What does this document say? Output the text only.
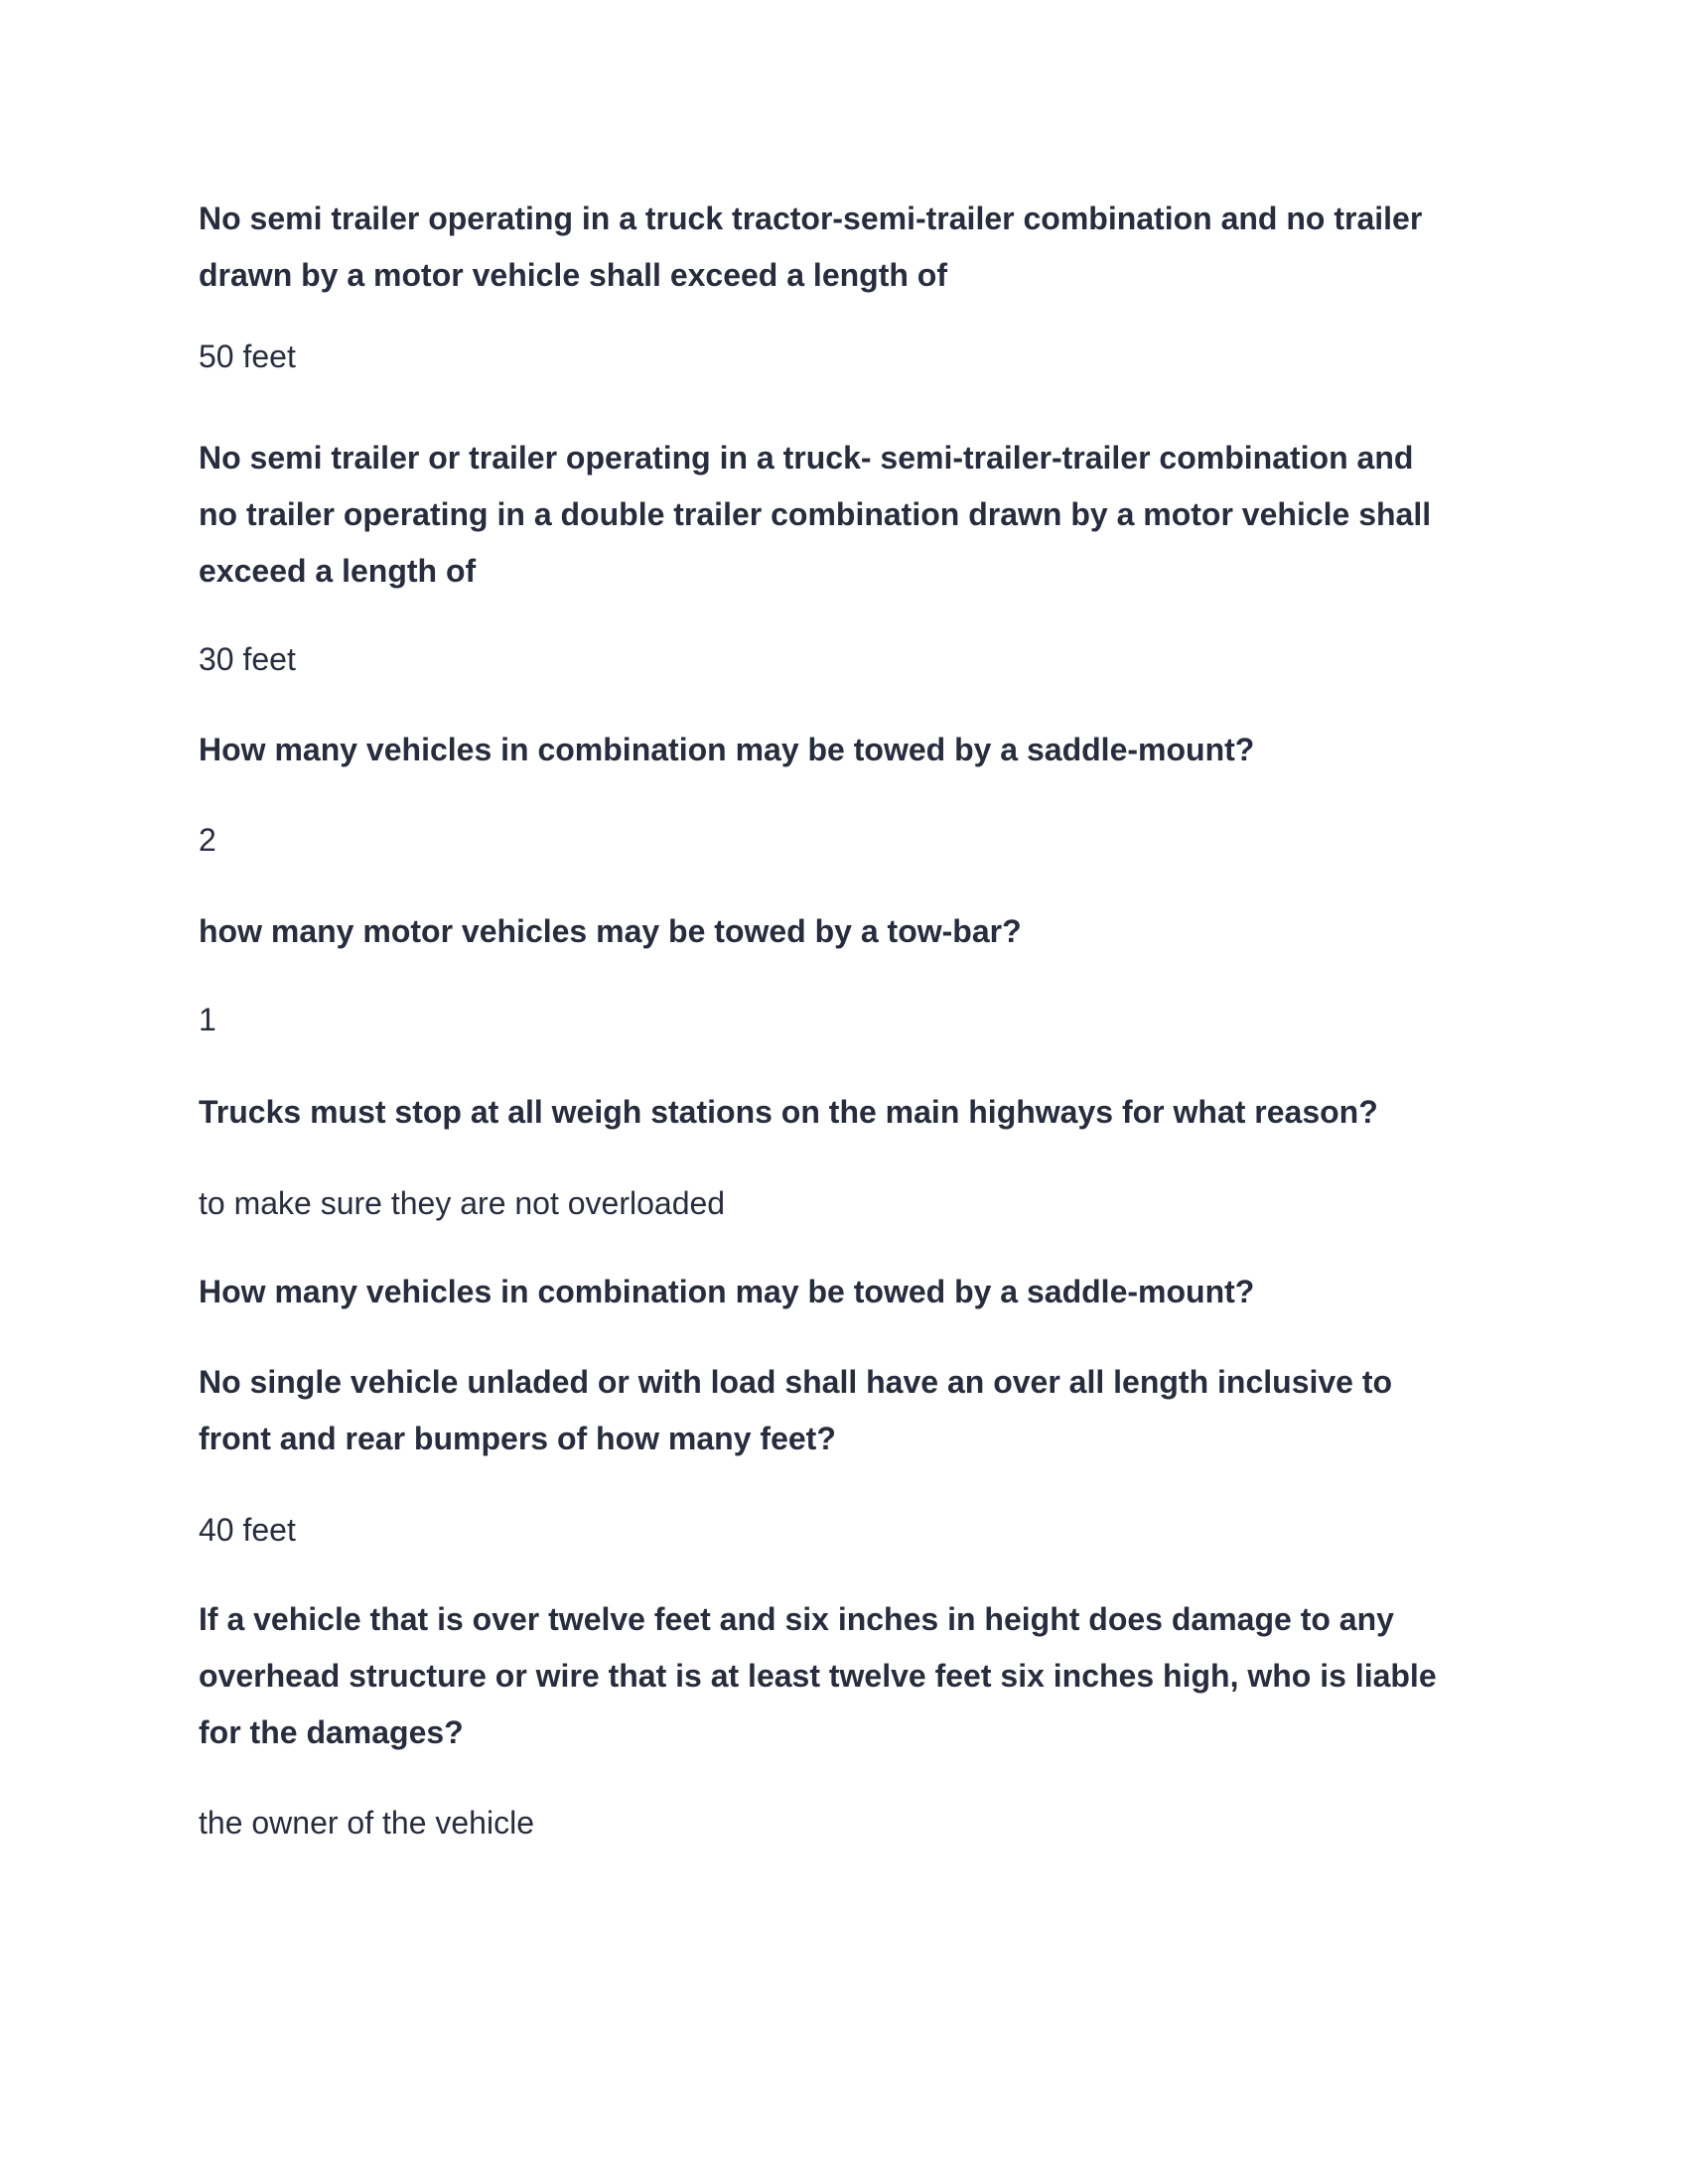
No semi trailer operating in a truck tractor-semi-trailer combination and no trailer
drawn by a motor vehicle shall exceed a length of

50 feet

No semi trailer or trailer operating in a truck- semi-trailer-trailer combination and
no trailer operating in a double trailer combination drawn by a motor vehicle shall
exceed a length of

30 feet

How many vehicles in combination may be towed by a saddle-mount?

2

how many motor vehicles may be towed by a tow-bar?

1

Trucks must stop at all weigh stations on the main highways for what reason?

to make sure they are not overloaded

How many vehicles in combination may be towed by a saddle-mount?

No single vehicle unladed or with load shall have an over all length inclusive to
front and rear bumpers of how many feet?

40 feet

If a vehicle that is over twelve feet and six inches in height does damage to any
overhead structure or wire that is at least twelve feet six inches high, who is liable
for the damages?

the owner of the vehicle
